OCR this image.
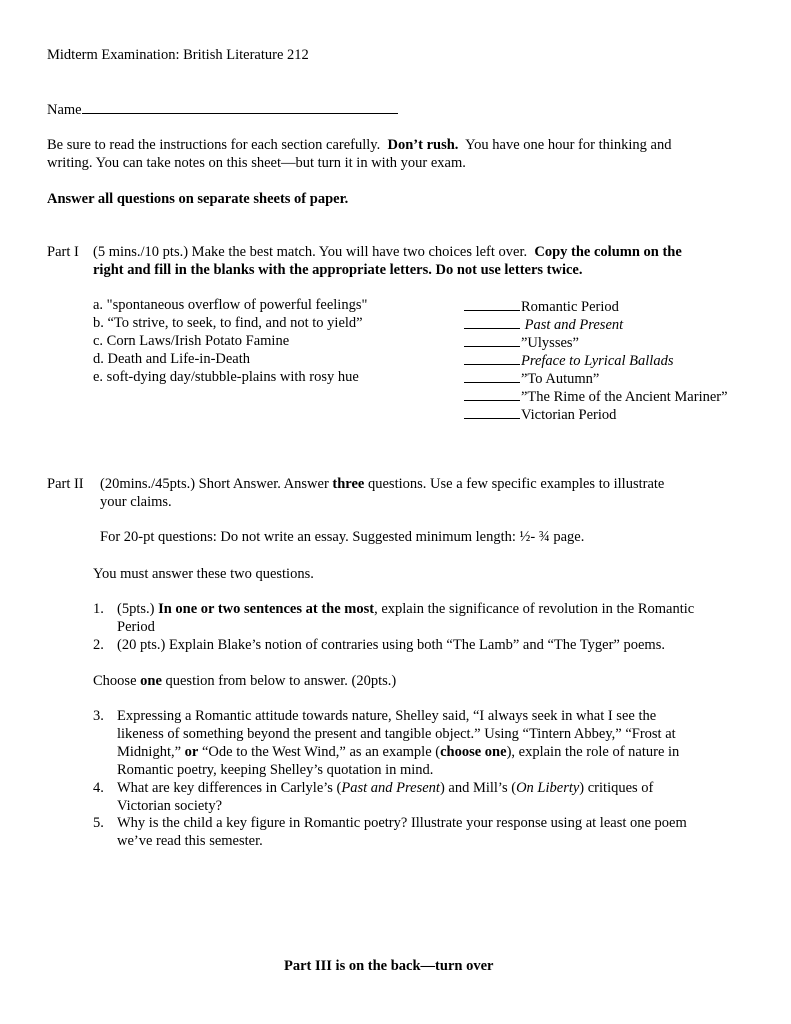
Midterm Examination: British Literature 212
Name
Be sure to read the instructions for each section carefully. Don’t rush. You have one hour for thinking and
writing. You can take notes on this sheet—but turn it in with your exam.
Answer all questions on separate sheets of paper.
Part I (5 mins./10 pts.) Make the best match. You will have two choices left over. Copy the column on the
right and fill in the blanks with the appropriate letters. Do not use letters twice.
a. "spontaneous overflow of powerful feelings"
b. “To strive, to seek, to find, and not to yield”
c. Corn Laws/Irish Potato Famine
d. Death and Life-in-Death
e. soft-dying day/stubble-plains with rosy hue
Romantic Period
Past and Present
”Ulysses”
Preface to Lyrical Ballads
”To Autumn”
”The Rime of the Ancient Mariner”
Victorian Period
Part II (20mins./45pts.) Short Answer. Answer three questions. Use a few specific examples to illustrate
your claims.
For 20-pt questions: Do not write an essay. Suggested minimum length: ½- ¾ page.
You must answer these two questions.
1. (5pts.) In one or two sentences at the most, explain the significance of revolution in the Romantic
Period
2. (20 pts.) Explain Blake’s notion of contraries using both “The Lamb” and “The Tyger” poems.
Choose one question from below to answer. (20pts.)
3. Expressing a Romantic attitude towards nature, Shelley said, “I always seek in what I see the
likeness of something beyond the present and tangible object.” Using “Tintern Abbey,” “Frost at
Midnight,” or “Ode to the West Wind,” as an example (choose one), explain the role of nature in
Romantic poetry, keeping Shelley’s quotation in mind.
4. What are key differences in Carlyle’s (Past and Present) and Mill’s (On Liberty) critiques of
Victorian society?
5. Why is the child a key figure in Romantic poetry? Illustrate your response using at least one poem
we’ve read this semester.
Part III is on the back—turn over
